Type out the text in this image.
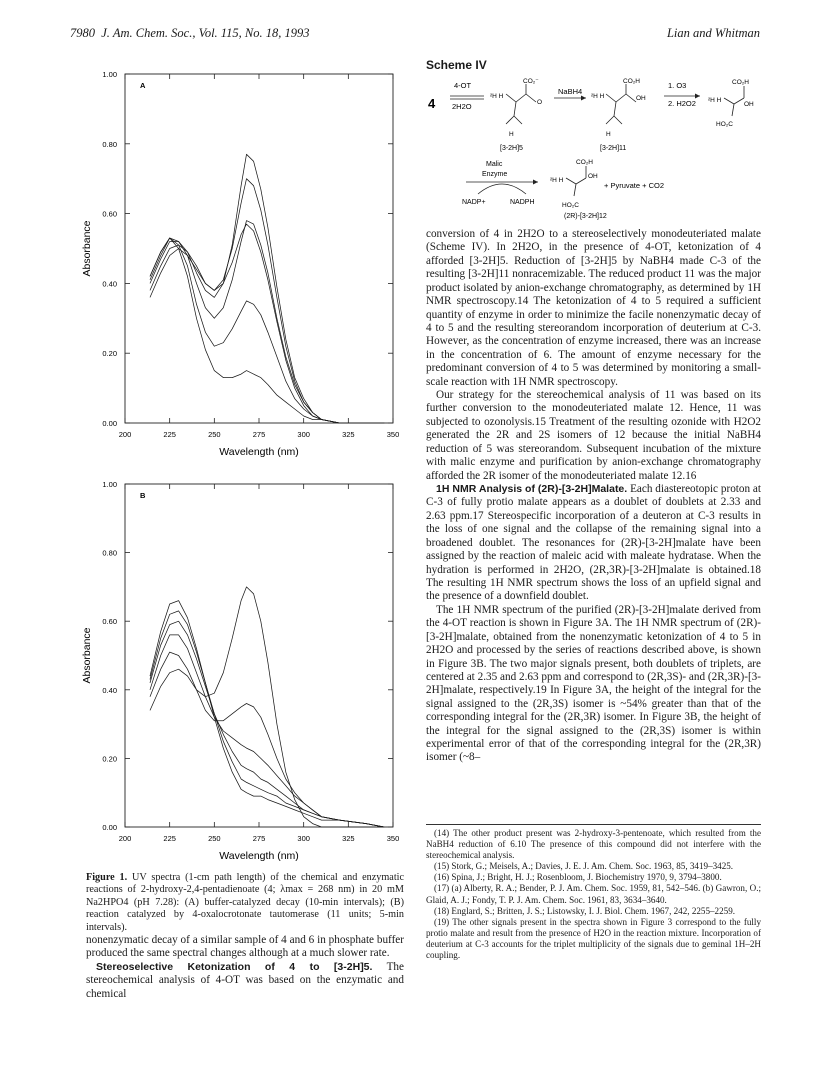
7980 J. Am. Chem. Soc., Vol. 115, No. 18, 1993	Lian and Whitman
200	225	250	275	300	325	350
0.00
0.20
0.40
0.60
0.80
1.00
Wavelength (nm)
Absorbance
A
200	225	250	275	300	325	350
0.00
0.20
0.40
0.60
0.80
1.00
Wavelength (nm)
Absorbance
B
Figure 1. UV spectra (1-cm path length) of the chemical and enzymatic reactions of 2-hydroxy-2,4-pentadienoate (4; λmax = 268 nm) in 20 mM Na2HPO4 (pH 7.28): (A) buffer-catalyzed decay (10-min intervals); (B) reaction catalyzed by 4-oxalocrotonate tautomerase (11 units; 5-min intervals).

nonenzymatic decay of a similar sample of 4 and 6 in phosphate buffer produced the same spectral changes although at a much slower rate.

Stereoselective Ketonization of 4 to [3-2H]5. The stereochemical analysis of 4-OT was based on the enzymatic and chemical

Scheme IV
4
4-OT
2H2O
²H H
CO₂⁻
O
H
[3-2H]5
NaBH4
²H H
CO₂H
OH
H
[3-2H]11
1. O3
2. H2O2 ²H H
CO₂H
OH
HO₂C
Malic
Enzyme
NADP+	NADPH
²H H
CO₂H
OH
HO₂C
+ Pyruvate + CO2
(2R)-[3-2H]12

conversion of 4 in 2H2O to a stereoselectively monodeuteriated malate (Scheme IV). In 2H2O, in the presence of 4-OT, ketonization of 4 afforded [3-2H]5. Reduction of [3-2H]5 by NaBH4 made C-3 of the resulting [3-2H]11 nonracemizable. The reduced product 11 was the major product isolated by anion-exchange chromatography, as determined by 1H NMR spectroscopy.14 The ketonization of 4 to 5 required a sufficient quantity of enzyme in order to minimize the facile nonenzymatic decay of 4 to 5 and the resulting stereorandom incorporation of deuterium at C-3. However, as the concentration of enzyme increased, there was an increase in the concentration of 6. The amount of enzyme necessary for the predominant conversion of 4 to 5 was determined by monitoring a small-scale reaction with 1H NMR spectroscopy.

Our strategy for the stereochemical analysis of 11 was based on its further conversion to the monodeuteriated malate 12. Hence, 11 was subjected to ozonolysis.15 Treatment of the resulting ozonide with H2O2 generated the 2R and 2S isomers of 12 because the initial NaBH4 reduction of 5 was stereorandom. Subsequent incubation of the mixture with malic enzyme and purification by anion-exchange chromatography afforded the 2R isomer of the monodeuteriated malate 12.16

1H NMR Analysis of (2R)-[3-2H]Malate. Each diastereotopic proton at C-3 of fully protio malate appears as a doublet of doublets at 2.33 and 2.63 ppm.17 Stereospecific incorporation of a deuteron at C-3 results in the loss of one signal and the collapse of the remaining signal into a broadened doublet. The resonances for (2R)-[3-2H]malate have been assigned by the reaction of maleic acid with maleate hydratase. When the hydration is performed in 2H2O, (2R,3R)-[3-2H]malate is obtained.18 The resulting 1H NMR spectrum shows the loss of an upfield signal and the presence of a downfield doublet.

The 1H NMR spectrum of the purified (2R)-[3-2H]malate derived from the 4-OT reaction is shown in Figure 3A. The 1H NMR spectrum of (2R)-[3-2H]malate, obtained from the nonenzymatic ketonization of 4 to 5 in 2H2O and processed by the series of reactions described above, is shown in Figure 3B. The two major signals present, both doublets of triplets, are centered at 2.35 and 2.63 ppm and correspond to (2R,3S)- and (2R,3R)-[3-2H]malate, respectively.19 In Figure 3A, the height of the integral for the signal assigned to the (2R,3S) isomer is ~54% greater than that of the corresponding integral for the (2R,3R) isomer. In Figure 3B, the height of the integral for the signal assigned to the (2R,3S) isomer is within experimental error of that of the corresponding integral for the (2R,3R) isomer (~8–

(14) The other product present was 2-hydroxy-3-pentenoate, which resulted from the NaBH4 reduction of 6.10 The presence of this compound did not interfere with the stereochemical analysis.

(15) Stork, G.; Meisels, A.; Davies, J. E. J. Am. Chem. Soc. 1963, 85, 3419–3425.

(16) Spina, J.; Bright, H. J.; Rosenbloom, J. Biochemistry 1970, 9, 3794–3800.

(17) (a) Alberty, R. A.; Bender, P. J. Am. Chem. Soc. 1959, 81, 542–546. (b) Gawron, O.; Glaid, A. J.; Fondy, T. P. J. Am. Chem. Soc. 1961, 83, 3634–3640.

(18) Englard, S.; Britten, J. S.; Listowsky, I. J. Biol. Chem. 1967, 242, 2255–2259.

(19) The other signals present in the spectra shown in Figure 3 correspond to the fully protio malate and result from the presence of H2O in the reaction mixture. Incorporation of deuterium at C-3 accounts for the triplet multiplicity of the signals due to geminal 1H–2H coupling.
